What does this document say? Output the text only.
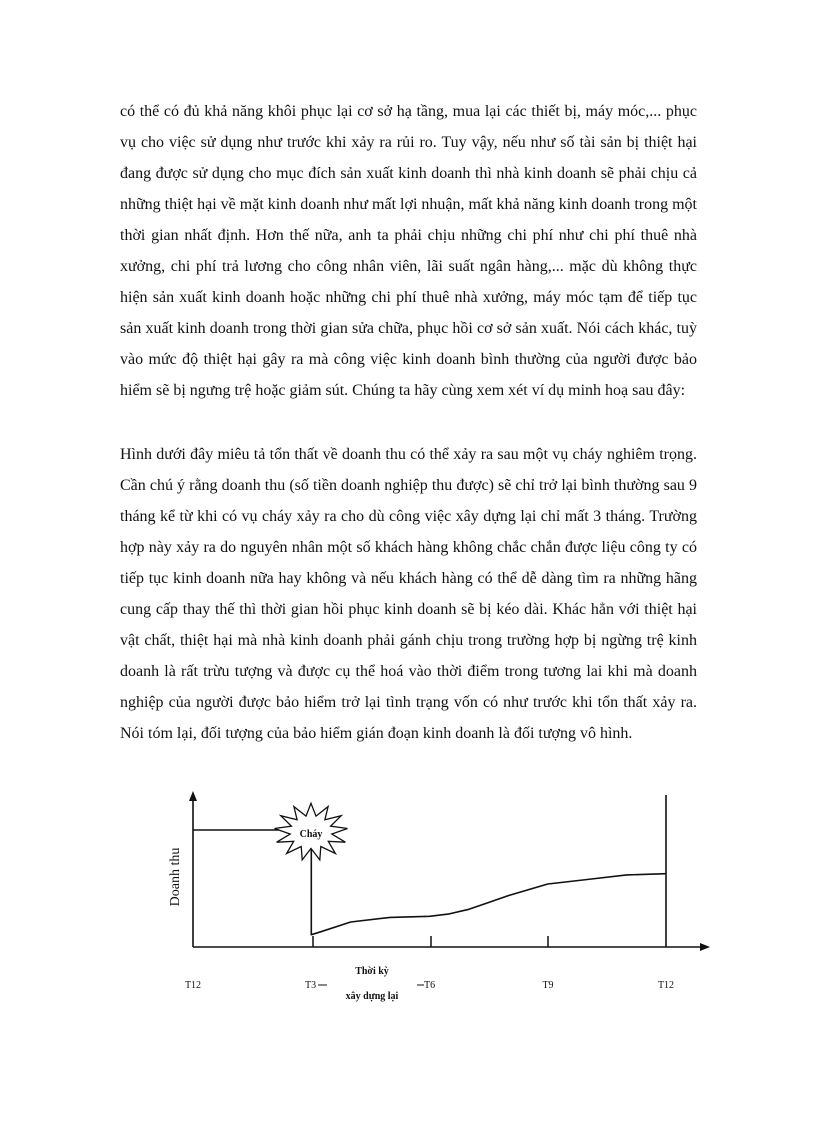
có thể có đủ khả năng khôi phục lại cơ sở hạ tầng, mua lại các thiết bị, máy móc,... phục vụ cho việc sử dụng như trước khi xảy ra rủi ro. Tuy vậy, nếu như số tài sản bị thiệt hại đang được sử dụng cho mục đích sản xuất kinh doanh thì nhà kinh doanh sẽ phải chịu cả những thiệt hại về mặt kinh doanh như mất lợi nhuận, mất khả năng kinh doanh trong một thời gian nhất định. Hơn thế nữa, anh ta phải chịu những chi phí như chi phí thuê nhà xưởng, chi phí trả lương cho công nhân viên, lãi suất ngân hàng,... mặc dù không thực hiện sản xuất kinh doanh hoặc những chi phí thuê nhà xưởng, máy móc tạm để tiếp tục sản xuất kinh doanh trong thời gian sửa chữa, phục hồi cơ sở sản xuất. Nói cách khác, tuỳ vào mức độ thiệt hại gây ra mà công việc kinh doanh bình thường của người được bảo hiểm sẽ bị ngưng trệ hoặc giảm sút. Chúng ta hãy cùng xem xét ví dụ minh hoạ sau đây:

Hình dưới đây miêu tả tổn thất về doanh thu có thể xảy ra sau một vụ cháy nghiêm trọng. Cần chú ý rằng doanh thu (số tiền doanh nghiệp thu được) sẽ chỉ trở lại bình thường sau 9 tháng kể từ khi có vụ cháy xảy ra cho dù công việc xây dựng lại chỉ mất 3 tháng. Trường hợp này xảy ra do nguyên nhân một số khách hàng không chắc chắn được liệu công ty có tiếp tục kinh doanh nữa hay không và nếu khách hàng có thể dễ dàng tìm ra những hãng cung cấp thay thế thì thời gian hồi phục kinh doanh sẽ bị kéo dài. Khác hẳn với thiệt hại vật chất, thiệt hại mà nhà kinh doanh phải gánh chịu trong trường hợp bị ngừng trệ kinh doanh là rất trừu tượng và được cụ thể hoá vào thời điểm trong tương lai khi mà doanh nghiệp của người được bảo hiểm trở lại tình trạng vốn có như trước khi tổn thất xảy ra. Nói tóm lại, đối tượng của bảo hiểm gián đoạn kinh doanh là đối tượng vô hình.

Doanh thu
Cháy
T12	T3	T6	T9	T12
Thời kỳ
xây dựng lại
